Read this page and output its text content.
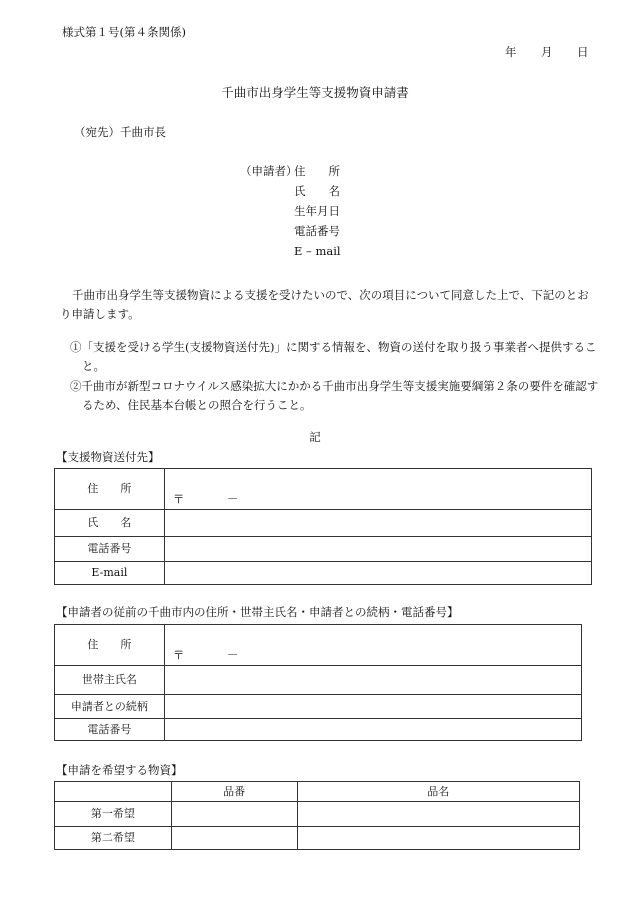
様式第１号(第４条関係)
年 月 日
千曲市出身学生等支援物資申請書
（宛先）千曲市長
（申請者）
住　　所
氏　　名
生年月日
電話番号
E – mail
千曲市出身学生等支援物資による支援を受けたいので、次の項目について同意した上で、下記のとおり申請します。
①「支援を受ける学生(支援物資送付先)」に関する情報を、物資の送付を取り扱う事業者へ提供すること。
②千曲市が新型コロナウイルス感染拡大にかかる千曲市出身学生等支援実施要綱第２条の要件を確認するため、住民基本台帳との照合を行うこと。
記
【支援物資送付先】
住　　所	〒 －

氏　　名	
電話番号	
E-mail	
【申請者の従前の千曲市内の住所・世帯主氏名・申請者との続柄・電話番号】
住　　所	〒 －

世帯主氏名	
申請者との続柄	
電話番号	
【申請を希望する物資】
	品番	品名
第一希望		
第二希望		
